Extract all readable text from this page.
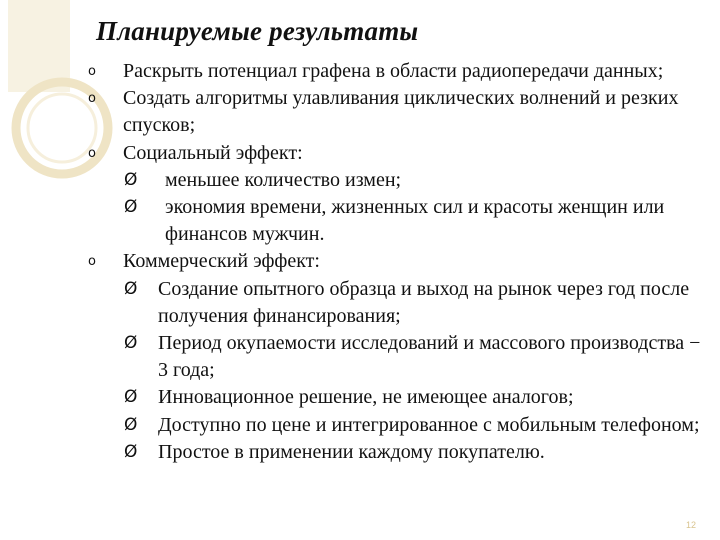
Планируемые результаты
o Раскрыть потенциал графена в области радиопередачи данных;
o Создать алгоритмы улавливания циклических волнений и резких спусков;
o Социальный эффект:
Ø меньшее количество измен;
Ø экономия времени, жизненных сил и красоты женщин или финансов мужчин.
o Коммерческий эффект:
Ø Создание опытного образца и выход на рынок через год после получения финансирования;
Ø Период окупаемости исследований и массового производства − 3 года;
Ø Инновационное решение, не имеющее аналогов;
Ø Доступно по цене и интегрированное с мобильным телефоном;
Ø Простое в применении каждому покупателю.
12
